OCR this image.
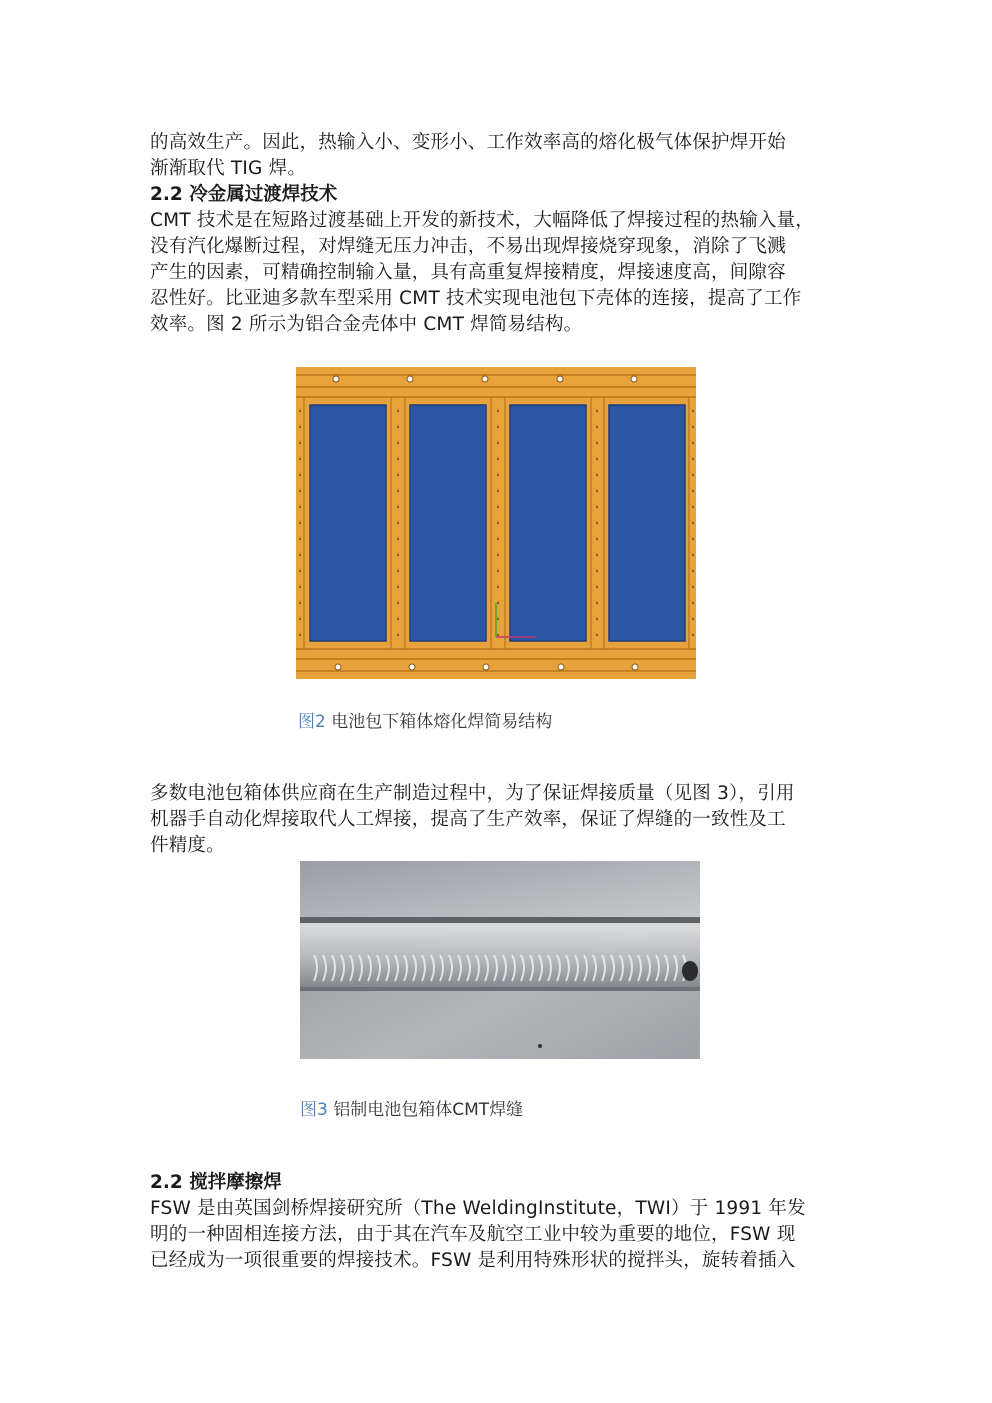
的高效生产。因此，热输入小、变形小、工作效率高的熔化极气体保护焊开始
渐渐取代 TIG 焊。
2.2 冷金属过渡焊技术
CMT 技术是在短路过渡基础上开发的新技术，大幅降低了焊接过程的热输入量，
没有汽化爆断过程，对焊缝无压力冲击，不易出现焊接烧穿现象，消除了飞溅
产生的因素，可精确控制输入量，具有高重复焊接精度，焊接速度高，间隙容
忍性好。比亚迪多款车型采用 CMT 技术实现电池包下壳体的连接，提高了工作
效率。图 2 所示为铝合金壳体中 CMT 焊简易结构。
图2 电池包下箱体熔化焊简易结构
多数电池包箱体供应商在生产制造过程中，为了保证焊接质量（见图 3），引用
机器手自动化焊接取代人工焊接，提高了生产效率，保证了焊缝的一致性及工
件精度。
图3 铝制电池包箱体CMT焊缝
2.2 搅拌摩擦焊
FSW 是由英国剑桥焊接研究所（The WeldingInstitute，TWI）于 1991 年发
明的一种固相连接方法，由于其在汽车及航空工业中较为重要的地位，FSW 现
已经成为一项很重要的焊接技术。FSW 是利用特殊形状的搅拌头，旋转着插入
